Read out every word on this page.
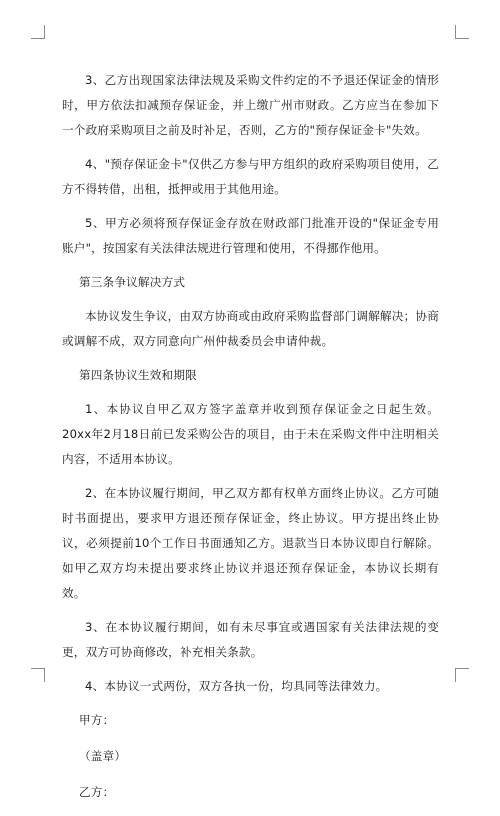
3、乙方出现国家法律法规及采购文件约定的不予退还保证金的情形时，甲方依法扣减预存保证金，并上缴广州市财政。乙方应当在参加下一个政府采购项目之前及时补足，否则，乙方的"预存保证金卡"失效。

4、"预存保证金卡"仅供乙方参与甲方组织的政府采购项目使用，乙方不得转借，出租，抵押或用于其他用途。

5、甲方必须将预存保证金存放在财政部门批准开设的"保证金专用账户"，按国家有关法律法规进行管理和使用，不得挪作他用。

第三条争议解决方式

本协议发生争议，由双方协商或由政府采购监督部门调解解决；协商或调解不成，双方同意向广州仲裁委员会申请仲裁。

第四条协议生效和期限

1、本协议自甲乙双方签字盖章并收到预存保证金之日起生效。20xx年2月18日前已发采购公告的项目，由于未在采购文件中注明相关内容，不适用本协议。

2、在本协议履行期间，甲乙双方都有权单方面终止协议。乙方可随时书面提出，要求甲方退还预存保证金，终止协议。甲方提出终止协议，必须提前10个工作日书面通知乙方。退款当日本协议即自行解除。如甲乙双方均未提出要求终止协议并退还预存保证金，本协议长期有效。

3、在本协议履行期间，如有未尽事宜或遇国家有关法律法规的变更，双方可协商修改，补充相关条款。

4、本协议一式两份，双方各执一份，均具同等法律效力。

甲方：

（盖章）

乙方：
